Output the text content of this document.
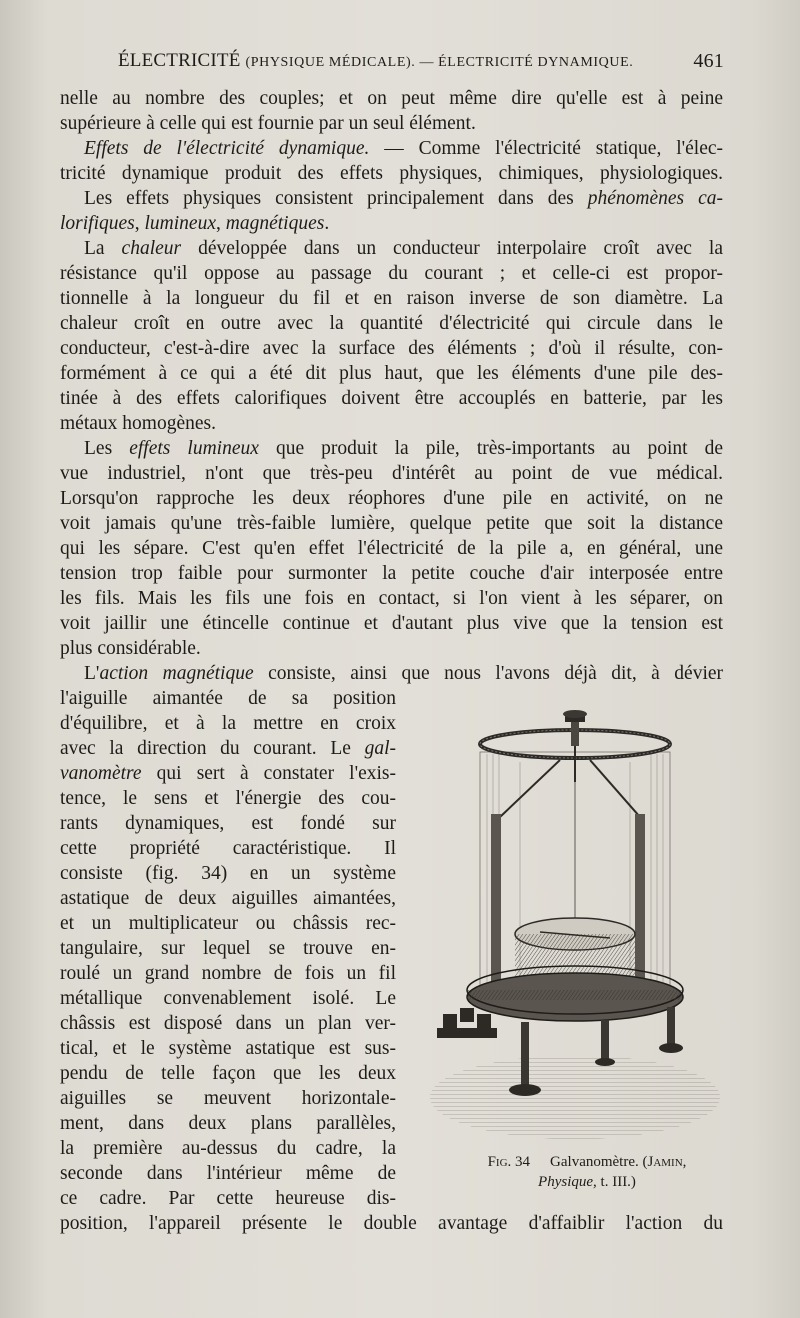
ÉLECTRICITÉ (PHYSIQUE MÉDICALE). — ÉLECTRICITÉ DYNAMIQUE.	461
nelle au nombre des couples; et on peut même dire qu'elle est à peine
supérieure à celle qui est fournie par un seul élément.
Effets de l'électricité dynamique. — Comme l'électricité statique, l'élec-
tricité dynamique produit des effets physiques, chimiques, physiologiques.
Les effets physiques consistent principalement dans des phénomènes ca-
lorifiques, lumineux, magnétiques.
La chaleur développée dans un conducteur interpolaire croît avec la
résistance qu'il oppose au passage du courant ; et celle-ci est propor-
tionnelle à la longueur du fil et en raison inverse de son diamètre. La
chaleur croît en outre avec la quantité d'électricité qui circule dans le
conducteur, c'est-à-dire avec la surface des éléments ; d'où il résulte, con-
formément à ce qui a été dit plus haut, que les éléments d'une pile des-
tinée à des effets calorifiques doivent être accouplés en batterie, par les
métaux homogènes.
Les effets lumineux que produit la pile, très-importants au point de
vue industriel, n'ont que très-peu d'intérêt au point de vue médical.
Lorsqu'on rapproche les deux réophores d'une pile en activité, on ne
voit jamais qu'une très-faible lumière, quelque petite que soit la distance
qui les sépare. C'est qu'en effet l'électricité de la pile a, en général, une
tension trop faible pour surmonter la petite couche d'air interposée entre
les fils. Mais les fils une fois en contact, si l'on vient à les séparer, on
voit jaillir une étincelle continue et d'autant plus vive que la tension est
plus considérable.
L'action magnétique consiste, ainsi que nous l'avons déjà dit, à dévier
l'aiguille aimantée de sa position
d'équilibre, et à la mettre en croix
avec la direction du courant. Le gal-
vanomètre qui sert à constater l'exis-
tence, le sens et l'énergie des cou-
rants dynamiques, est fondé sur
cette propriété caractéristique. Il
consiste (fig. 34) en un système
astatique de deux aiguilles aimantées,
et un multiplicateur ou châssis rec-
tangulaire, sur lequel se trouve en-
roulé un grand nombre de fois un fil
métallique convenablement isolé. Le
châssis est disposé dans un plan ver-
tical, et le système astatique est sus-
pendu de telle façon que les deux
aiguilles se meuvent horizontale-
ment, dans deux plans parallèles,
la première au-dessus du cadre, la
seconde dans l'intérieur même de
ce cadre. Par cette heureuse dis-
position, l'appareil présente le double avantage d'affaiblir l'action du
Fig. 34 Galvanomètre. (Jamin,
Physique, t. III.)
